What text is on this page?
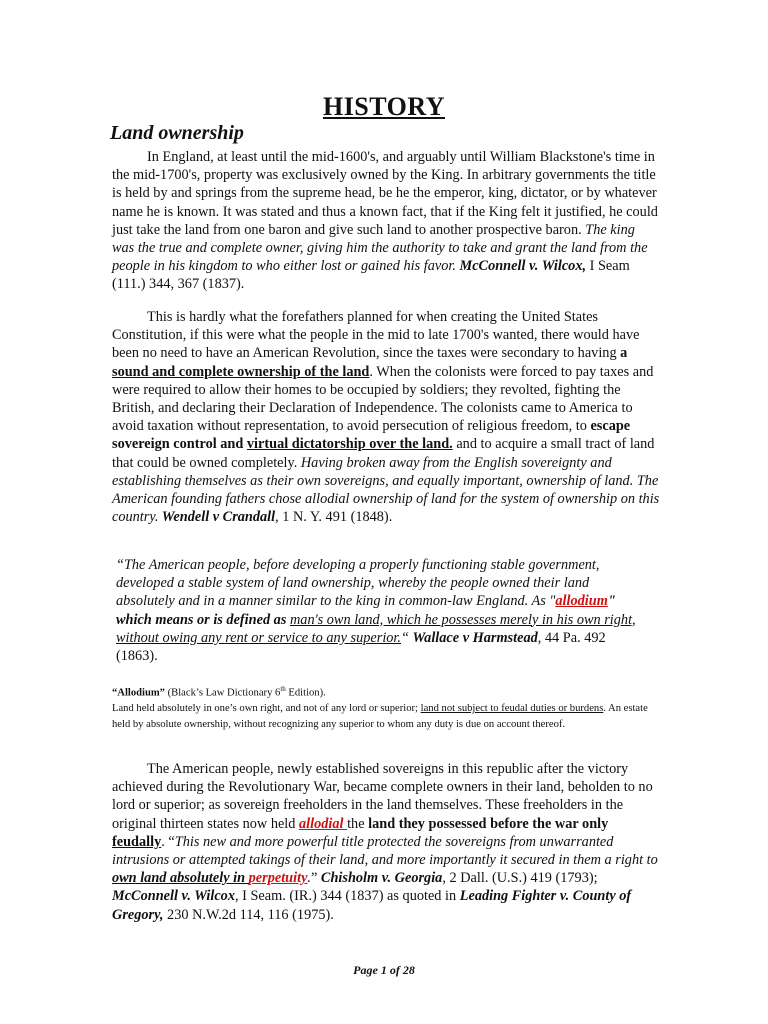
HISTORY
Land ownership

In England, at least until the mid-1600's, and arguably until William Blackstone's time in the mid-1700's, property was exclusively owned by the King. In arbitrary governments the title is held by and springs from the supreme head, be he the emperor, king, dictator, or by whatever name he is known. It was stated and thus a known fact, that if the King felt it justified, he could just take the land from one baron and give such land to another prospective baron. The king was the true and complete owner, giving him the authority to take and grant the land from the people in his kingdom to who either lost or gained his favor. McConnell v. Wilcox, I Seam (111.) 344, 367 (1837).

This is hardly what the forefathers planned for when creating the United States Constitution, if this were what the people in the mid to late 1700's wanted, there would have been no need to have an American Revolution, since the taxes were secondary to having a sound and complete ownership of the land. When the colonists were forced to pay taxes and were required to allow their homes to be occupied by soldiers; they revolted, fighting the British, and declaring their Declaration of Independence. The colonists came to America to avoid taxation without representation, to avoid persecution of religious freedom, to escape sovereign control and virtual dictatorship over the land. and to acquire a small tract of land that could be owned completely. Having broken away from the English sovereignty and establishing themselves as their own sovereigns, and equally important, ownership of land. The American founding fathers chose allodial ownership of land for the system of ownership on this country. Wendell v Crandall, 1 N. Y. 491 (1848).

“The American people, before developing a properly functioning stable government, developed a stable system of land ownership, whereby the people owned their land absolutely and in a manner similar to the king in common-law England. As "allodium" which means or is defined as man's own land, which he possesses merely in his own right, without owing any rent or service to any superior.“ Wallace v Harmstead, 44 Pa. 492 (1863).

“Allodium” (Black’s Law Dictionary 6th Edition).
Land held absolutely in one’s own right, and not of any lord or superior; land not subject to feudal duties or burdens. An estate held by absolute ownership, without recognizing any superior to whom any duty is due on account thereof.

The American people, newly established sovereigns in this republic after the victory achieved during the Revolutionary War, became complete owners in their land, beholden to no lord or superior; as sovereign freeholders in the land themselves. These freeholders in the original thirteen states now held allodial the land they possessed before the war only feudally. “This new and more powerful title protected the sovereigns from unwarranted intrusions or attempted takings of their land, and more importantly it secured in them a right to own land absolutely in perpetuity.” Chisholm v. Georgia, 2 Dall. (U.S.) 419 (1793); McConnell v. Wilcox, I Seam. (IR.) 344 (1837) as quoted in Leading Fighter v. County of Gregory, 230 N.W.2d 114, 116 (1975).

Page 1 of 28
